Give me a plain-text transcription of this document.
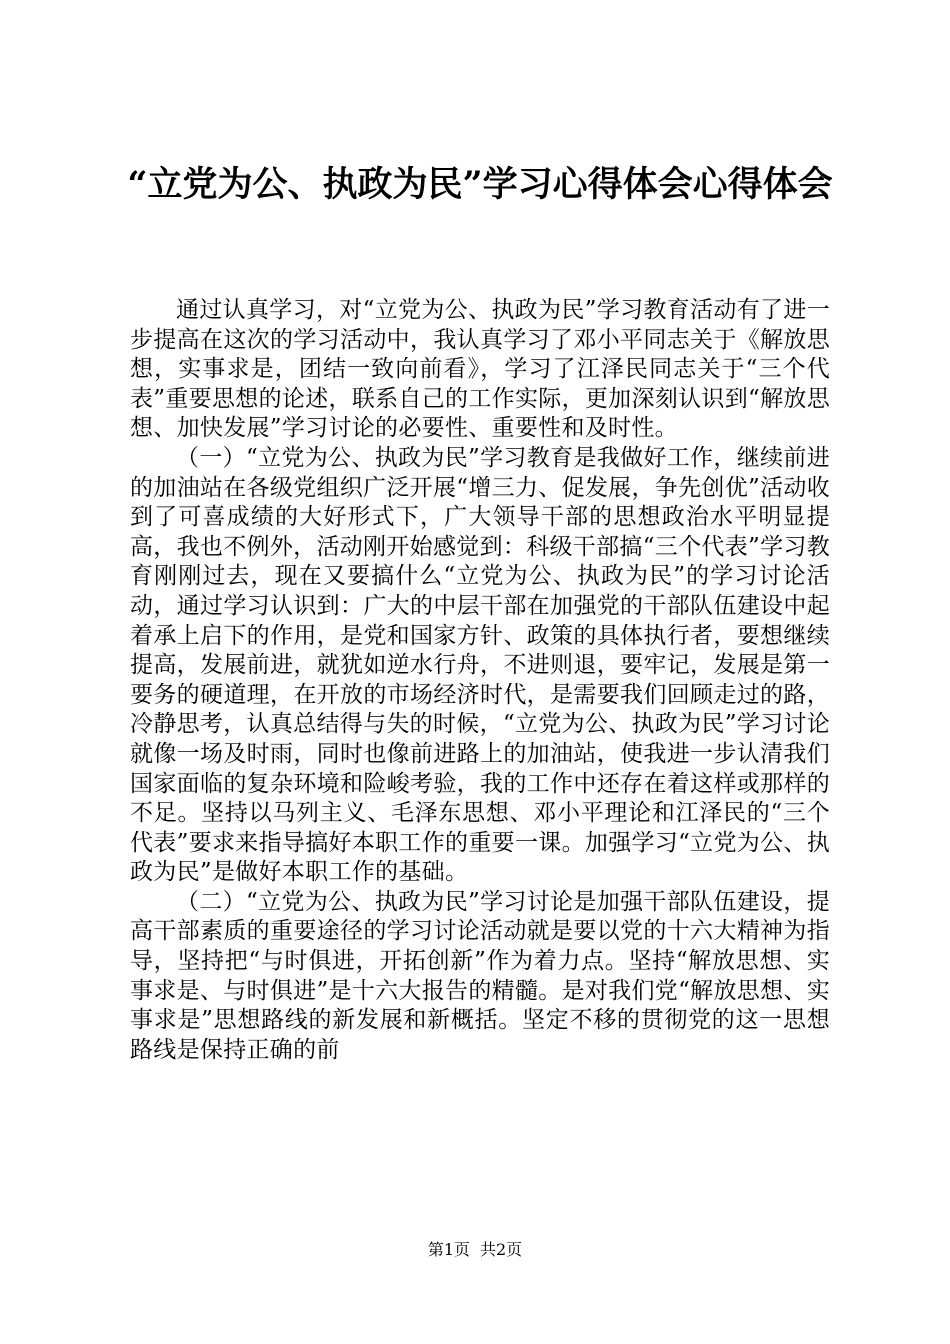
“立党为公、执政为民”学习心得体会心得体会

通过认真学习，对“立党为公、执政为民”学习教育活动有了进一步提高在这次的学习活动中，我认真学习了邓小平同志关于《解放思想，实事求是，团结一致向前看》，学习了江泽民同志关于“三个代表”重要思想的论述，联系自己的工作实际，更加深刻认识到“解放思想、加快发展”学习讨论的必要性、重要性和及时性。

（一）“立党为公、执政为民”学习教育是我做好工作，继续前进的加油站在各级党组织广泛开展“增三力、促发展，争先创优”活动收到了可喜成绩的大好形式下，广大领导干部的思想政治水平明显提高，我也不例外，活动刚开始感觉到：科级干部搞“三个代表”学习教育刚刚过去，现在又要搞什么“立党为公、执政为民”的学习讨论活动，通过学习认识到：广大的中层干部在加强党的干部队伍建设中起着承上启下的作用，是党和国家方针、政策的具体执行者，要想继续提高，发展前进，就犹如逆水行舟，不进则退，要牢记，发展是第一要务的硬道理，在开放的市场经济时代，是需要我们回顾走过的路，冷静思考，认真总结得与失的时候，“立党为公、执政为民”学习讨论就像一场及时雨，同时也像前进路上的加油站，使我进一步认清我们国家面临的复杂环境和险峻考验，我的工作中还存在着这样或那样的不足。坚持以马列主义、毛泽东思想、邓小平理论和江泽民的“三个代表”要求来指导搞好本职工作的重要一课。加强学习“立党为公、执政为民”是做好本职工作的基础。

（二）“立党为公、执政为民”学习讨论是加强干部队伍建设，提高干部素质的重要途径的学习讨论活动就是要以党的十六大精神为指导，坚持把“与时俱进，开拓创新”作为着力点。坚持“解放思想、实事求是、与时俱进”是十六大报告的精髓。是对我们党“解放思想、实事求是”思想路线的新发展和新概括。坚定不移的贯彻党的这一思想路线是保持正确的前

第1页 共2页
